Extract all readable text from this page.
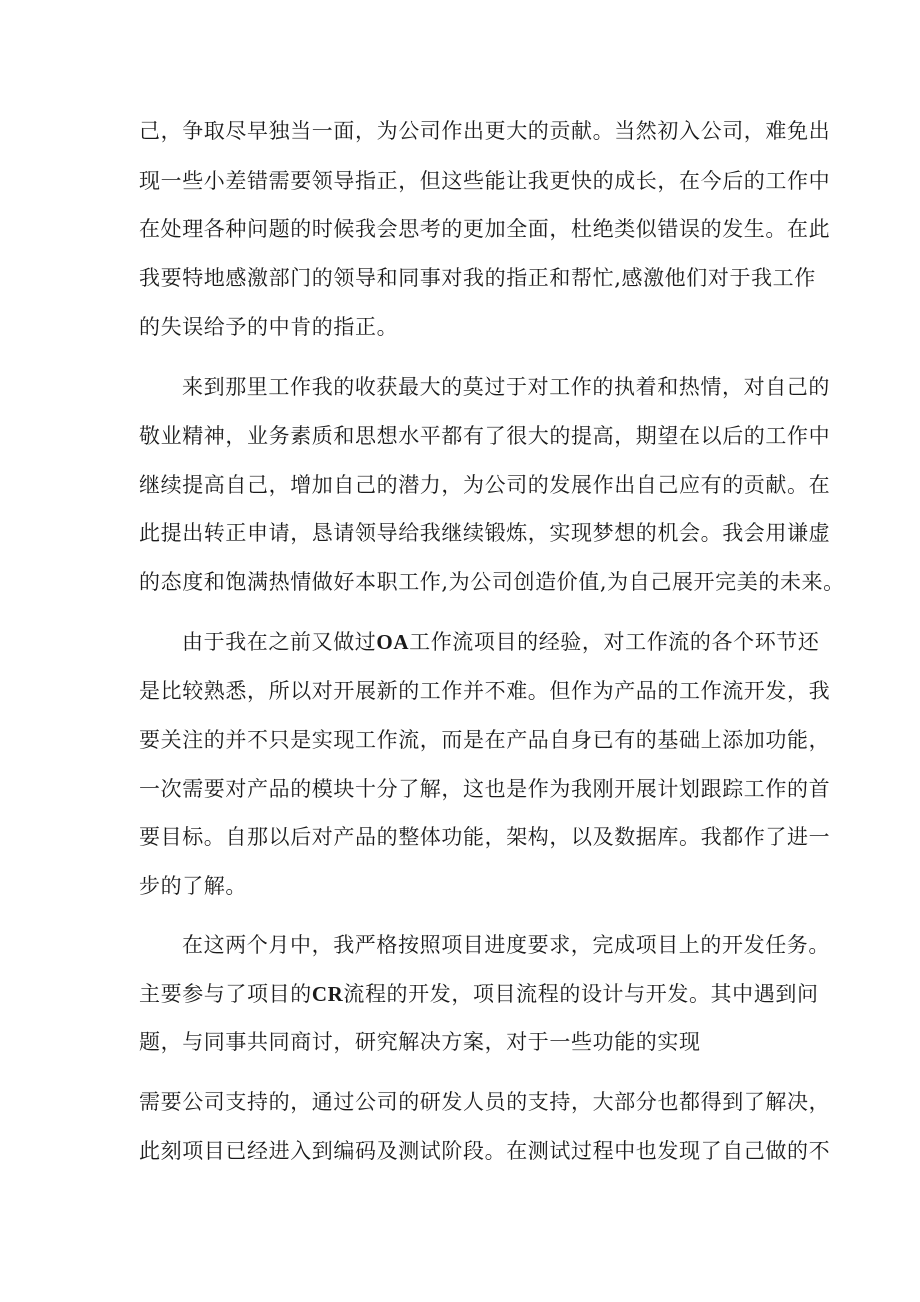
己，争取尽早独当一面，为公司作出更大的贡献。当然初入公司，难免出
现一些小差错需要领导指正，但这些能让我更快的成长，在今后的工作中
在处理各种问题的时候我会思考的更加全面，杜绝类似错误的发生。在此
我要特地感激部门的领导和同事对我的指正和帮忙,感激他们对于我工作
的失误给予的中肯的指正。
来到那里工作我的收获最大的莫过于对工作的执着和热情，对自己的
敬业精神，业务素质和思想水平都有了很大的提高，期望在以后的工作中
继续提高自己，增加自己的潜力，为公司的发展作出自己应有的贡献。在
此提出转正申请，恳请领导给我继续锻炼，实现梦想的机会。我会用谦虚
的态度和饱满热情做好本职工作,为公司创造价值,为自己展开完美的未来。
由于我在之前又做过OA工作流项目的经验，对工作流的各个环节还
是比较熟悉，所以对开展新的工作并不难。但作为产品的工作流开发，我
要关注的并不只是实现工作流，而是在产品自身已有的基础上添加功能，
一次需要对产品的模块十分了解，这也是作为我刚开展计划跟踪工作的首
要目标。自那以后对产品的整体功能，架构，以及数据库。我都作了进一
步的了解。
在这两个月中，我严格按照项目进度要求，完成项目上的开发任务。
主要参与了项目的CR流程的开发，项目流程的设计与开发。其中遇到问
题，与同事共同商讨，研究解决方案，对于一些功能的实现
需要公司支持的，通过公司的研发人员的支持，大部分也都得到了解决，
此刻项目已经进入到编码及测试阶段。在测试过程中也发现了自己做的不
